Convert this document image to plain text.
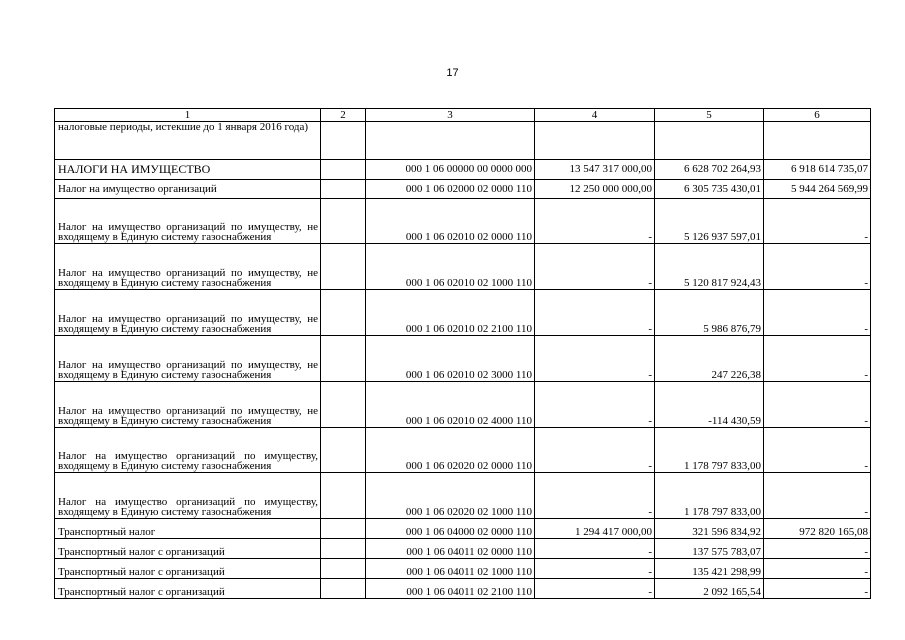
17
1	2	3	4	5	6
налоговые периоды, истекшие до 1 января 2016 года)					
НАЛОГИ НА ИМУЩЕСТВО		000 1 06 00000 00 0000 000	13 547 317 000,00	6 628 702 264,93	6 918 614 735,07
Налог на имущество организаций		000 1 06 02000 02 0000 110	12 250 000 000,00	6 305 735 430,01	5 944 264 569,99
Налог на имущество организаций по имуществу, не входящему в Единую систему газоснабжения		000 1 06 02010 02 0000 110	-	5 126 937 597,01	-
Налог на имущество организаций по имуществу, не входящему в Единую систему газоснабжения		000 1 06 02010 02 1000 110	-	5 120 817 924,43	-
Налог на имущество организаций по имуществу, не входящему в Единую систему газоснабжения		000 1 06 02010 02 2100 110	-	5 986 876,79	-
Налог на имущество организаций по имуществу, не входящему в Единую систему газоснабжения		000 1 06 02010 02 3000 110	-	247 226,38	-
Налог на имущество организаций по имуществу, не входящему в Единую систему газоснабжения		000 1 06 02010 02 4000 110	-	-114 430,59	-
Налог на имущество организаций по имуществу, входящему в Единую систему газоснабжения		000 1 06 02020 02 0000 110	-	1 178 797 833,00	-
Налог на имущество организаций по имуществу, входящему в Единую систему газоснабжения		000 1 06 02020 02 1000 110	-	1 178 797 833,00	-
Транспортный налог		000 1 06 04000 02 0000 110	1 294 417 000,00	321 596 834,92	972 820 165,08
Транспортный налог с организаций		000 1 06 04011 02 0000 110	-	137 575 783,07	-
Транспортный налог с организаций		000 1 06 04011 02 1000 110	-	135 421 298,99	-
Транспортный налог с организаций		000 1 06 04011 02 2100 110	-	2 092 165,54	-
